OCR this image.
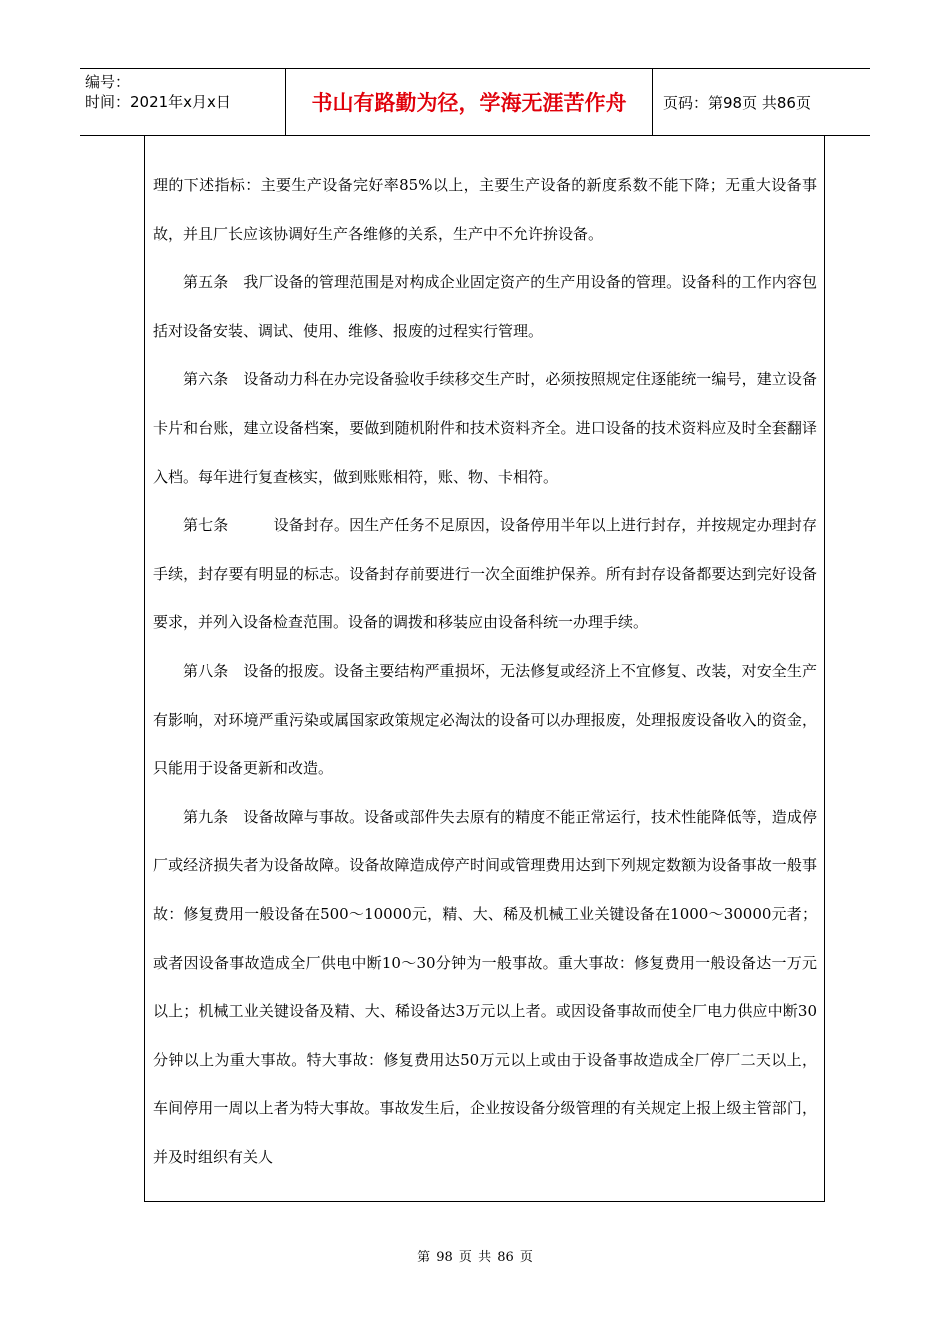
编号：
时间：2021年x月x日	书山有路勤为径，学海无涯苦作舟 页码：第98页 共86页

理的下述指标：主要生产设备完好率85%以上，主要生产设备的新度系数不能下降；无重大设备事故，并且厂长应该协调好生产各维修的关系，生产中不允许拚设备。

第五条　我厂设备的管理范围是对构成企业固定资产的生产用设备的管理。设备科的工作内容包括对设备安装、调试、使用、维修、报废的过程实行管理。

第六条　设备动力科在办完设备验收手续移交生产时，必须按照规定住逐能统一编号，建立设备卡片和台账，建立设备档案，要做到随机附件和技术资料齐全。进口设备的技术资料应及时全套翻译入档。每年进行复查核实，做到账账相符，账、物、卡相符。

第七条　　　设备封存。因生产任务不足原因，设备停用半年以上进行封存，并按规定办理封存手续，封存要有明显的标志。设备封存前要进行一次全面维护保养。所有封存设备都要达到完好设备要求，并列入设备检查范围。设备的调拨和移装应由设备科统一办理手续。

第八条　设备的报废。设备主要结构严重损坏，无法修复或经济上不宜修复、改装，对安全生产有影响，对环境严重污染或属国家政策规定必淘汰的设备可以办理报废，处理报废设备收入的资金，只能用于设备更新和改造。

第九条　设备故障与事故。设备或部件失去原有的精度不能正常运行，技术性能降低等，造成停厂或经济损失者为设备故障。设备故障造成停产时间或管理费用达到下列规定数额为设备事故一般事故：修复费用一般设备在500～10000元，精、大、稀及机械工业关键设备在1000～30000元者；或者因设备事故造成全厂供电中断10～30分钟为一般事故。重大事故：修复费用一般设备达一万元以上；机械工业关键设备及精、大、稀设备达3万元以上者。或因设备事故而使全厂电力供应中断30分钟以上为重大事故。特大事故：修复费用达50万元以上或由于设备事故造成全厂停厂二天以上，车间停用一周以上者为特大事故。事故发生后，企业按设备分级管理的有关规定上报上级主管部门，并及时组织有关人

第 98 页 共 86 页
